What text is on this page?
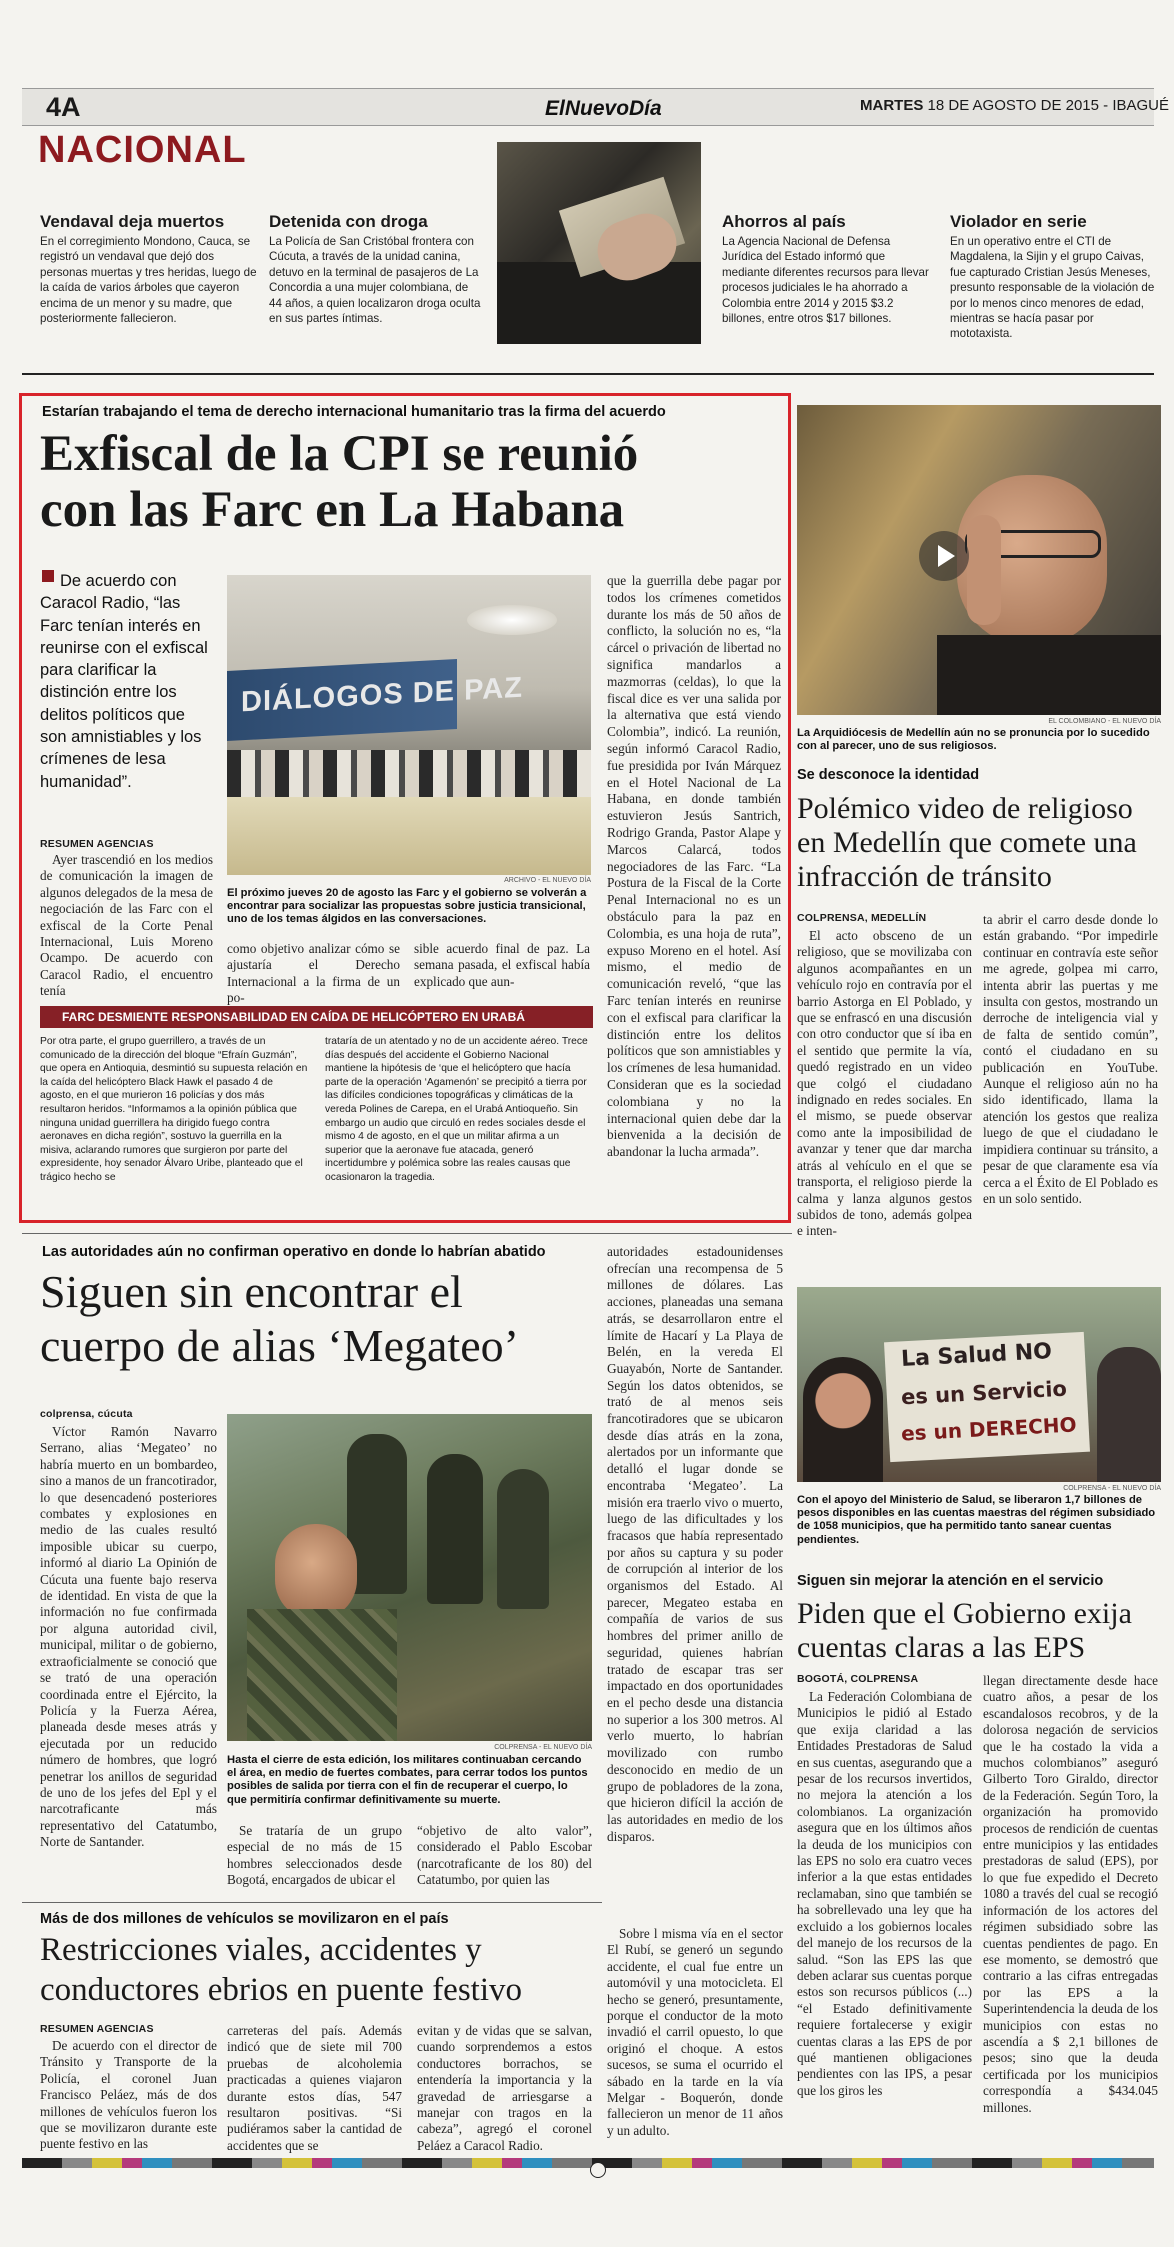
4A	ElNuevoDía	MARTES 18 DE AGOSTO DE 2015 - IBAGUÉ
NACIONAL
Vendaval deja muertos
En el corregimiento Mondono, Cauca, se registró un vendaval que dejó dos personas muertas y tres heridas, luego de la caída de varios árboles que cayeron encima de un menor y su madre, que posteriormente fallecieron.
Detenida con droga
La Policía de San Cristóbal frontera con Cúcuta, a través de la unidad canina, detuvo en la terminal de pasajeros de La Concordia a una mujer colombiana, de 44 años, a quien localizaron droga oculta en sus partes íntimas.
Ahorros al país
La Agencia Nacional de Defensa Jurídica del Estado informó que mediante diferentes recursos para llevar procesos judiciales le ha ahorrado a Colombia entre 2014 y 2015 $3.2 billones, entre otros $17 billones.
Violador en serie
En un operativo entre el CTI de Magdalena, la Sijin y el grupo Caivas, fue capturado Cristian Jesús Meneses, presunto responsable de la violación de por lo menos cinco menores de edad, mientras se hacía pasar por mototaxista.
Estarían trabajando el tema de derecho internacional humanitario tras la firma del acuerdo
Exfiscal de la CPI se reunió
con las Farc en La Habana
De acuerdo con Caracol Radio, “las Farc tenían interés en reunirse con el exfiscal para clarificar la distinción entre los delitos políticos que son amnistiables y los crímenes de lesa humanidad”.
RESUMEN AGENCIAS
Ayer trascendió en los medios de comunicación la imagen de algunos delegados de la mesa de negociación de las Farc con el exfiscal de la Corte Penal Internacional, Luis Moreno Ocampo. De acuerdo con Caracol Radio, el encuentro tenía
DIÁLOGOS DE PAZ
ARCHIVO - EL NUEVO DÍA
El próximo jueves 20 de agosto las Farc y el gobierno se volverán a encontrar para socializar las propuestas sobre justicia transicional, uno de los temas álgidos en las conversaciones.
como objetivo analizar cómo se ajustaría el Derecho Internacional a la firma de un po-
sible acuerdo final de paz. La semana pasada, el exfiscal había explicado que aun-
que la guerrilla debe pagar por todos los crímenes cometidos durante los más de 50 años de conflicto, la solución no es, “la cárcel o privación de libertad no significa mandarlos a mazmorras (celdas), lo que la fiscal dice es ver una salida por la alternativa que está viendo Colombia”, indicó. La reunión, según informó Caracol Radio, fue presidida por Iván Márquez en el Hotel Nacional de La Habana, en donde también estuvieron Jesús Santrich, Rodrigo Granda, Pastor Alape y Marcos Calarcá, todos negociadores de las Farc. “La Postura de la Fiscal de la Corte Penal Internacional no es un obstáculo para la paz en Colombia, es una hoja de ruta”, expuso Moreno en el hotel. Así mismo, el medio de comunicación reveló, “que las Farc tenían interés en reunirse con el exfiscal para clarificar la distinción entre los delitos políticos que son amnistiables y los crímenes de lesa humanidad. Consideran que es la sociedad colombiana y no la internacional quien debe dar la bienvenida a la decisión de abandonar la lucha armada”.
FARC DESMIENTE RESPONSABILIDAD EN CAÍDA DE HELICÓPTERO EN URABÁ
Por otra parte, el grupo guerrillero, a través de un comunicado de la dirección del bloque “Efraín Guzmán”, que opera en Antioquia, desmintió su supuesta relación en la caída del helicóptero Black Hawk el pasado 4 de agosto, en el que murieron 16 policías y dos más resultaron heridos. “Informamos a la opinión pública que ninguna unidad guerrillera ha dirigido fuego contra aeronaves en dicha región”, sostuvo la guerrilla en la misiva, aclarando rumores que surgieron por parte del expresidente, hoy senador Álvaro Uribe, planteado que el trágico hecho se
trataría de un atentado y no de un accidente aéreo. Trece días después del accidente el Gobierno Nacional mantiene la hipótesis de ‘que el helicóptero que hacía parte de la operación ‘Agamenón’ se precipitó a tierra por las difíciles condiciones topográficas y climáticas de la vereda Polines de Carepa, en el Urabá Antioqueño. Sin embargo un audio que circuló en redes sociales desde el mismo 4 de agosto, en el que un militar afirma a un superior que la aeronave fue atacada, generó incertidumbre y polémica sobre las reales causas que ocasionaron la tragedia.
EL COLOMBIANO - EL NUEVO DÍA
La Arquidiócesis de Medellín aún no se pronuncia por lo sucedido con al parecer, uno de sus religiosos.
Se desconoce la identidad
Polémico video de religioso en Medellín que comete una infracción de tránsito
COLPRENSA, MEDELLÍN
El acto obsceno de un religioso, que se movilizaba con algunos acompañantes en un vehículo rojo en contravía por el barrio Astorga en El Poblado, y que se enfrascó en una discusión con otro conductor que sí iba en el sentido que permite la vía, quedó registrado en un video que colgó el ciudadano indignado en redes sociales. En el mismo, se puede observar como ante la imposibilidad de avanzar y tener que dar marcha atrás al vehículo en el que se transporta, el religioso pierde la calma y lanza algunos gestos subidos de tono, además golpea e inten-
ta abrir el carro desde donde lo están grabando. “Por impedirle continuar en contravía este señor me agrede, golpea mi carro, intenta abrir las puertas y me insulta con gestos, mostrando un derroche de inteligencia vial y de falta de sentido común”, contó el ciudadano en su publicación en YouTube. Aunque el religioso aún no ha sido identificado, llama la atención los gestos que realiza luego de que el ciudadano le impidiera continuar su tránsito, a pesar de que claramente esa vía cerca a el Éxito de El Poblado es en un solo sentido.
Las autoridades aún no confirman operativo en donde lo habrían abatido
Siguen sin encontrar el
cuerpo de alias ‘Megateo’
colprensa, cúcuta
Víctor Ramón Navarro Serrano, alias ‘Megateo’ no habría muerto en un bombardeo, sino a manos de un francotirador, lo que desencadenó posteriores combates y explosiones en medio de las cuales resultó imposible ubicar su cuerpo, informó al diario La Opinión de Cúcuta una fuente bajo reserva de identidad. En vista de que la información no fue confirmada por alguna autoridad civil, municipal, militar o de gobierno, extraoficialmente se conoció que se trató de una operación coordinada entre el Ejército, la Policía y la Fuerza Aérea, planeada desde meses atrás y ejecutada por un reducido número de hombres, que logró penetrar los anillos de seguridad de uno de los jefes del Epl y el narcotraficante más representativo del Catatumbo, Norte de Santander.
COLPRENSA - EL NUEVO DÍA
Hasta el cierre de esta edición, los militares continuaban cercando el área, en medio de fuertes combates, para cerrar todos los puntos posibles de salida por tierra con el fin de recuperar el cuerpo, lo que permitiría confirmar definitivamente su muerte.
Se trataría de un grupo especial de no más de 15 hombres seleccionados desde Bogotá, encargados de ubicar el
“objetivo de alto valor”, considerado el Pablo Escobar (narcotraficante de los 80) del Catatumbo, por quien las
autoridades estadounidenses ofrecían una recompensa de 5 millones de dólares. Las acciones, planeadas una semana atrás, se desarrollaron entre el límite de Hacarí y La Playa de Belén, en la vereda El Guayabón, Norte de Santander. Según los datos obtenidos, se trató de al menos seis francotiradores que se ubicaron desde días atrás en la zona, alertados por un informante que detalló el lugar donde se encontraba ‘Megateo’. La misión era traerlo vivo o muerto, luego de las dificultades y los fracasos que había representado por años su captura y su poder de corrupción al interior de los organismos del Estado. Al parecer, Megateo estaba en compañía de varios de sus hombres del primer anillo de seguridad, quienes habrían tratado de escapar tras ser impactado en dos oportunidades en el pecho desde una distancia no superior a los 300 metros. Al verlo muerto, lo habrían movilizado con rumbo desconocido en medio de un grupo de pobladores de la zona, que hicieron difícil la acción de las autoridades en medio de los disparos.
La Salud NO
es un Servicio
es un DERECHO
COLPRENSA - EL NUEVO DÍA
Con el apoyo del Ministerio de Salud, se liberaron 1,7 billones de pesos disponibles en las cuentas maestras del régimen subsidiado de 1058 municipios, que ha permitido tanto sanear cuentas pendientes.
Siguen sin mejorar la atención en el servicio
Piden que el Gobierno exija cuentas claras a las EPS
BOGOTÁ, COLPRENSA
La Federación Colombiana de Municipios le pidió al Estado que exija claridad a las Entidades Prestadoras de Salud en sus cuentas, asegurando que a pesar de los recursos invertidos, no mejora la atención a los colombianos. La organización asegura que en los últimos años la deuda de los municipios con las EPS no solo era cuatro veces inferior a la que estas entidades reclamaban, sino que también se ha sobrellevado una ley que ha excluido a los gobiernos locales del manejo de los recursos de la salud. “Son las EPS las que deben aclarar sus cuentas porque estos son recursos públicos (...) “el Estado definitivamente requiere fortalecerse y exigir cuentas claras a las EPS de por qué mantienen obligaciones pendientes con las IPS, a pesar que los giros les
llegan directamente desde hace cuatro años, a pesar de los escandalosos recobros, y de la dolorosa negación de servicios que le ha costado la vida a muchos colombianos” aseguró Gilberto Toro Giraldo, director de la Federación. Según Toro, la organización ha promovido procesos de rendición de cuentas entre municipios y las entidades prestadoras de salud (EPS), por lo que fue expedido el Decreto 1080 a través del cual se recogió información de los actores del régimen subsidiado sobre las cuentas pendientes de pago. En ese momento, se demostró que contrario a las cifras entregadas por las EPS a la Superintendencia la deuda de los municipios con estas no ascendía a $ 2,1 billones de pesos; sino que la deuda certificada por los municipios correspondía a $434.045 millones.
Más de dos millones de vehículos se movilizaron en el país
Restricciones viales, accidentes y
conductores ebrios en puente festivo
RESUMEN AGENCIAS
De acuerdo con el director de Tránsito y Transporte de la Policía, el coronel Juan Francisco Peláez, más de dos millones de vehículos fueron los que se movilizaron durante este puente festivo en las
carreteras del país. Además indicó que de siete mil 700 pruebas de alcoholemia practicadas a quienes viajaron durante estos días, 547 resultaron positivas. “Si pudiéramos saber la cantidad de accidentes que se
evitan y de vidas que se salvan, cuando sorprendemos a estos conductores borrachos, se entendería la importancia y la gravedad de arriesgarse a manejar con tragos en la cabeza”, agregó el coronel Peláez a Caracol Radio.
Sobre l misma vía en el sector El Rubí, se generó un segundo accidente, el cual fue entre un automóvil y una motocicleta. El hecho se generó, presuntamente, porque el conductor de la moto invadió el carril opuesto, lo que originó el choque. A estos sucesos, se suma el ocurrido el sábado en la tarde en la vía Melgar - Boquerón, donde fallecieron un menor de 11 años y un adulto.
